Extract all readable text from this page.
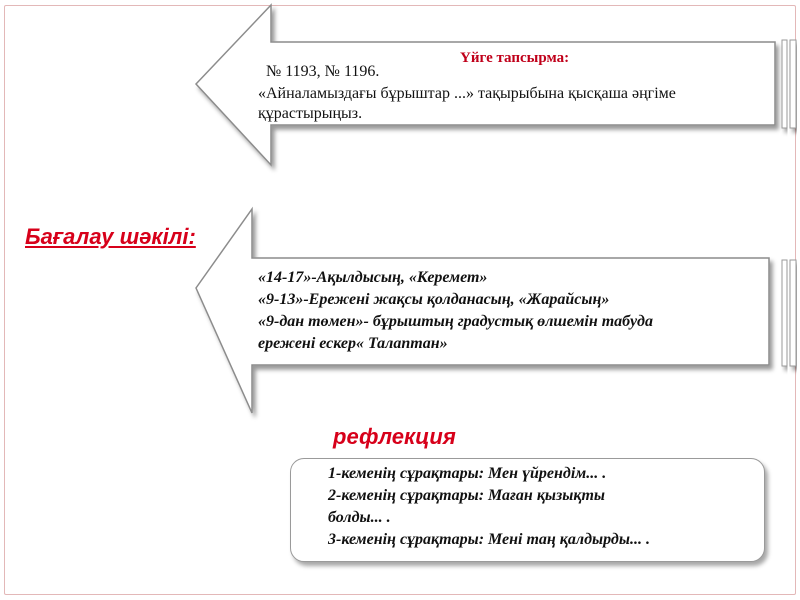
Үйге тапсырма:
№ 1193, № 1196.
«Айналамыздағы бұрыштар ...» тақырыбына қысқаша әңгіме құрастырыңыз.
Бағалау шәкілі:
«14-17»-Ақылдысың, «Керемет»
«9-13»-Ережені жақсы қолданасың, «Жарайсың»
«9-дан төмен»- бұрыштың градустық өлшемін табуда
ережені ескер« Талаптан»
рефлекция
1-кеменің сұрақтары: Мен үйрендім... .
2-кеменің сұрақтары: Маған қызықты
болды... .
3-кеменің сұрақтары: Мені таң қалдырды... .
